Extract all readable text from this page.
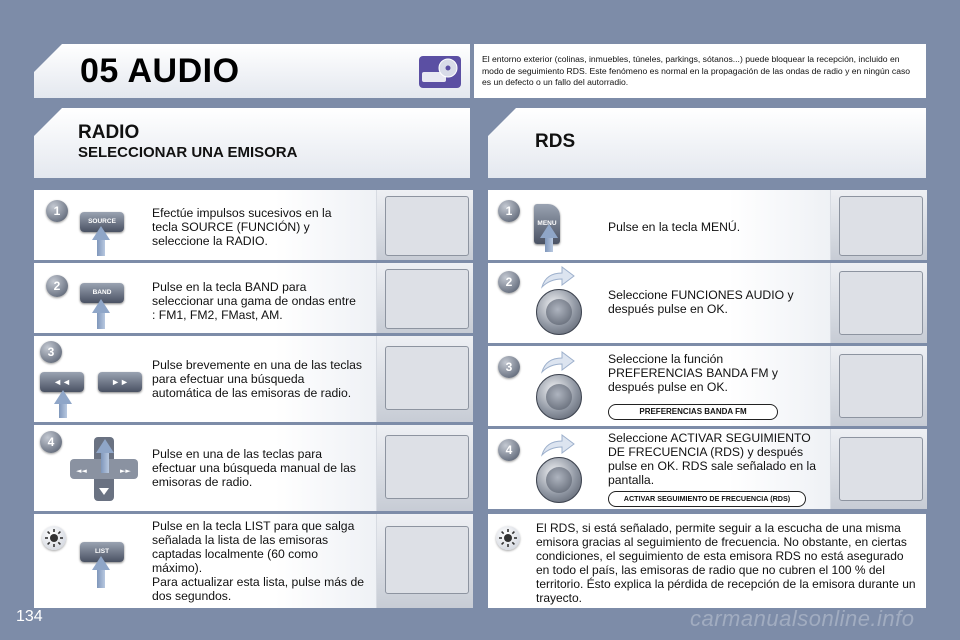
05 AUDIO	El entorno exterior (colinas, inmuebles, túneles, parkings, sótanos...) puede bloquear la recepción, incluido en modo de seguimiento RDS. Este fenómeno es normal en la propagación de las ondas de radio y en ningún caso es un defecto o un fallo del autorradio.
RADIO
SELECCIONAR UNA EMISORA
RDS
1
SOURCE
Efectúe impulsos sucesivos en la tecla SOURCE (FUNCIÓN) y seleccione la RADIO.
2	BAND	Pulse en la tecla BAND para seleccionar una gama de ondas entre : FM1, FM2, FMast, AM.
3
◄◄	►►
Pulse brevemente en una de las teclas para efectuar una búsqueda automática de las emisoras de radio.
4
◄◄	►►
Pulse en una de las teclas para efectuar una búsqueda manual de las emisoras de radio.
LIST
Pulse en la tecla LIST para que salga señalada la lista de las emisoras captadas localmente (60 como máximo).
Para actualizar esta lista, pulse más de dos segundos.
1
MENU	Pulse en la tecla MENÚ.
2
Seleccione FUNCIONES AUDIO y después pulse en OK.
3
Seleccione la función PREFERENCIAS BANDA FM y después pulse en OK.
PREFERENCIAS BANDA FM
4
Seleccione ACTIVAR SEGUIMIENTO DE FRECUENCIA (RDS) y después pulse en OK. RDS sale señalado en la pantalla.
ACTIVAR SEGUIMIENTO DE FRECUENCIA (RDS)
El RDS, si está señalado, permite seguir a la escucha de una misma emisora gracias al seguimiento de frecuencia. No obstante, en ciertas condiciones, el seguimiento de esta emisora RDS no está asegurado en todo el país, las emisoras de radio que no cubren el 100 % del territorio. Ésto explica la pérdida de recepción de la emisora durante un trayecto.
134	carmanualsonline.info
